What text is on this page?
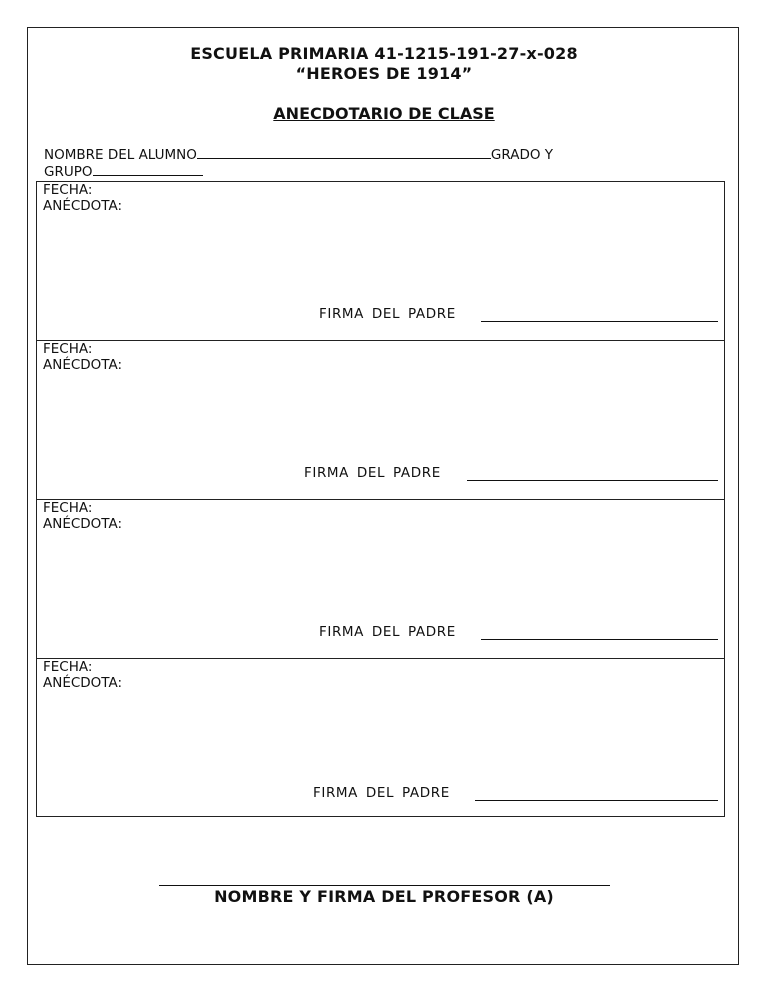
ESCUELA PRIMARIA 41-1215-191-27-x-028
“HEROES DE 1914”
ANECDOTARIO DE CLASE
NOMBRE DEL ALUMNO	GRADO Y
GRUPO
FECHA:
ANÉCDOTA:
FIRMA DEL PADRE
FECHA:
ANÉCDOTA:
FIRMA DEL PADRE
FECHA:
ANÉCDOTA:
FIRMA DEL PADRE
FECHA:
ANÉCDOTA:
FIRMA DEL PADRE
NOMBRE Y FIRMA DEL PROFESOR (A)
